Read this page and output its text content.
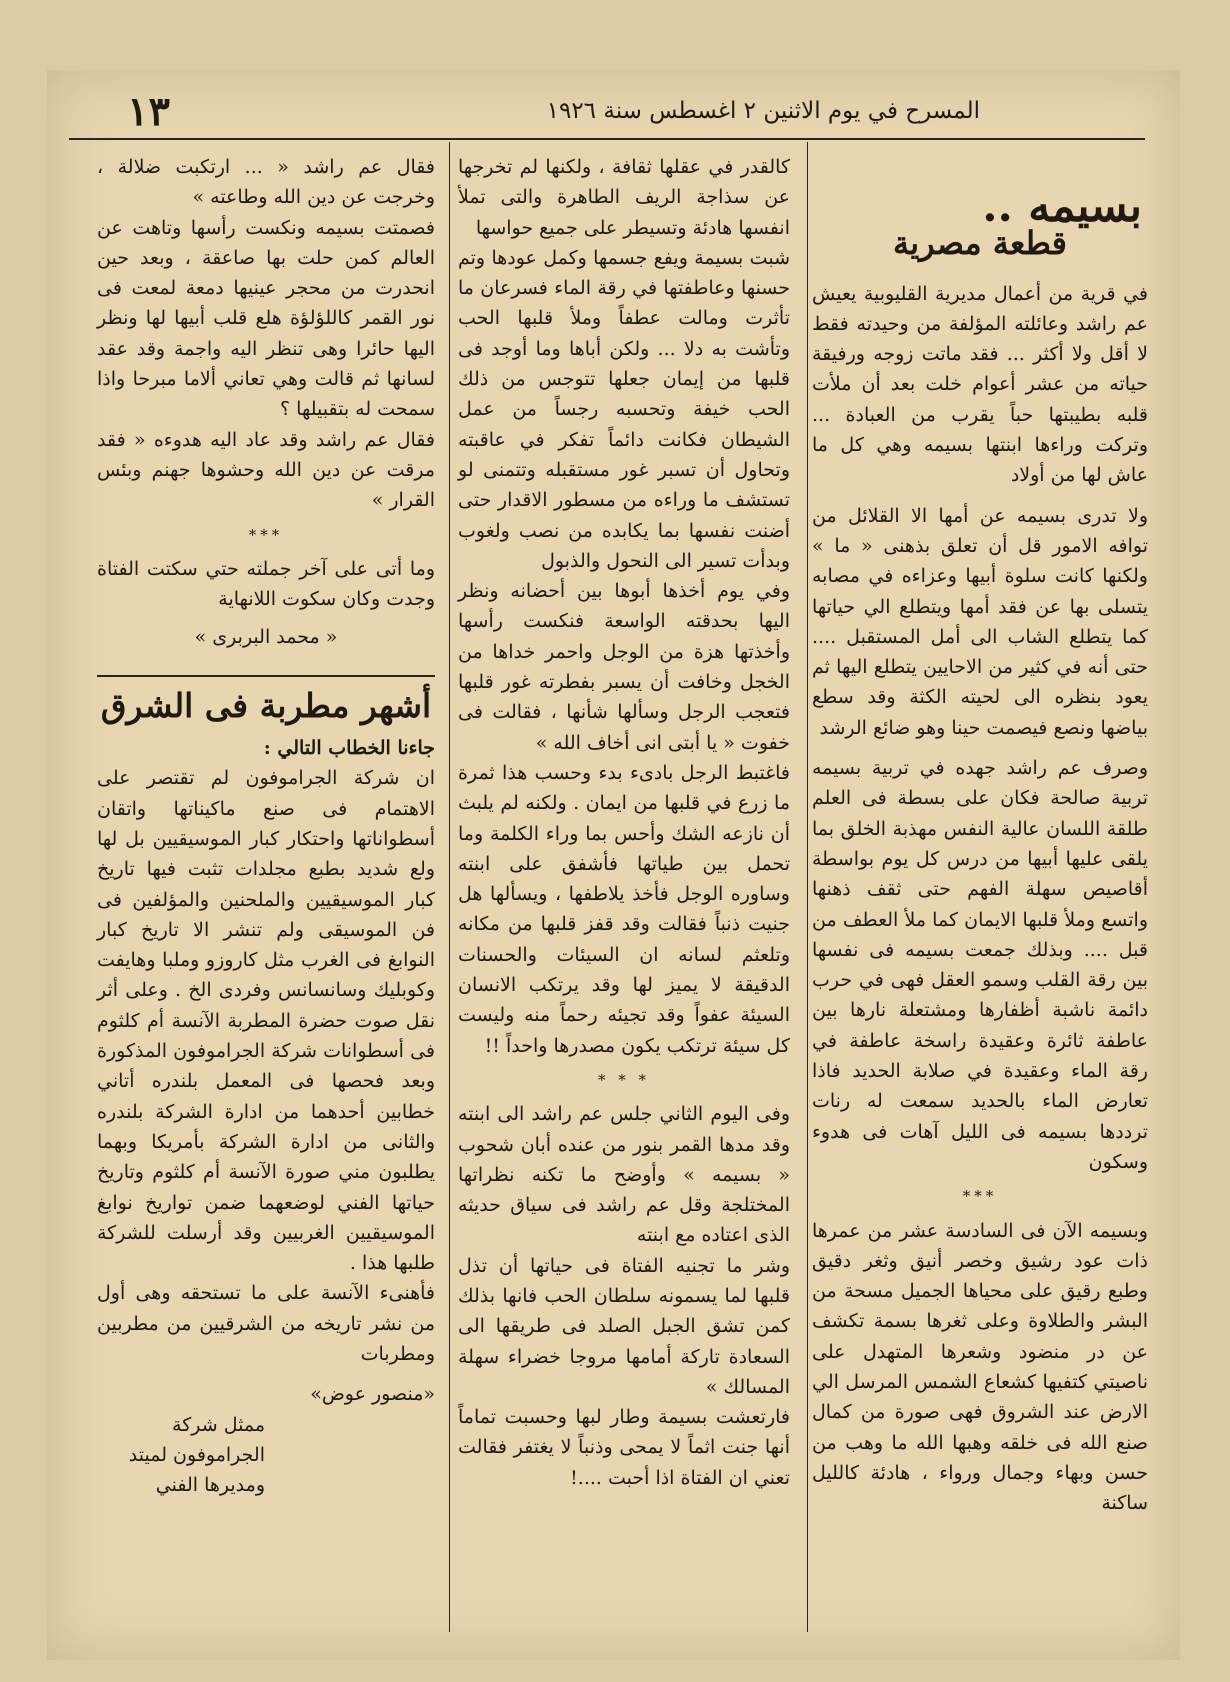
١٣	المسرح في يوم الاثنين ٢ اغسطس سنة ١٩٢٦
بسيمه ..
قطعة مصرية

في قرية من أعمال مديرية القليوبية يعيش عم راشد وعائلته المؤلفة من وحيدته فقط لا أقل ولا أكثر ... فقد ماتت زوجه ورفيقة حياته من عشر أعوام خلت بعد أن ملأت قلبه بطيبتها حباً يقرب من العبادة ... وتركت وراءها ابنتها بسيمه وهي كل ما عاش لها من أولاد

ولا تدرى بسيمه عن أمها الا القلائل من توافه الامور قل أن تعلق بذهنى « ما » ولكنها كانت سلوة أبيها وعزاءه في مصابه يتسلى بها عن فقد أمها ويتطلع الي حياتها كما يتطلع الشاب الى أمل المستقبل .... حتى أنه في كثير من الاحايين يتطلع اليها ثم يعود بنظره الى لحيته الكثة وقد سطع بياضها ونصع فيصمت حينا وهو ضائع الرشد

وصرف عم راشد جهده في تربية بسيمه تربية صالحة فكان على بسطة فى العلم طلقة اللسان عالية النفس مهذبة الخلق بما يلقى عليها أبيها من درس كل يوم بواسطة أقاصيص سهلة الفهم حتى ثقف ذهنها واتسع وملأ قلبها الايمان كما ملأ العطف من قبل .... وبذلك جمعت بسيمه فى نفسها بين رقة القلب وسمو العقل فهى في حرب دائمة ناشبة أظفارها ومشتعلة نارها بين عاطفة ثائرة وعقيدة راسخة عاطفة في رقة الماء وعقيدة في صلابة الحديد فاذا تعارض الماء بالحديد سمعت له رنات ترددها بسيمه فى الليل آهات فى هدوء وسكون

***

وبسيمه الآن فى السادسة عشر من عمرها ذات عود رشيق وخصر أنيق وثغر دقيق وطبع رقيق على محياها الجميل مسحة من البشر والطلاوة وعلى ثغرها بسمة تكشف عن در منضود وشعرها المتهدل على ناصيتي كتفيها كشعاع الشمس المرسل الي الارض عند الشروق فهى صورة من كمال صنع الله فى خلقه وهبها الله ما وهب من حسن وبهاء وجمال ورواء ، هادئة كالليل ساكنة

كالقدر في عقلها ثقافة ، ولكنها لم تخرجها عن سذاجة الريف الطاهرة والتى تملأ انفسها هادئة وتسيطر على جميع حواسها

شبت بسيمة ويفع جسمها وكمل عودها وتم حسنها وعاطفتها في رقة الماء فسرعان ما تأثرت ومالت عطفاً وملأ قلبها الحب وتأشت به دلا ... ولكن أباها وما أوجد فى قلبها من إيمان جعلها تتوجس من ذلك الحب خيفة وتحسبه رجساً من عمل الشيطان فكانت دائماً تفكر في عاقبته وتحاول أن تسبر غور مستقبله وتتمنى لو تستشف ما وراءه من مسطور الاقدار حتى أضنت نفسها بما يكابده من نصب ولغوب وبدأت تسير الى النحول والذبول

وفي يوم أخذها أبوها بين أحضانه ونظر اليها بحدقته الواسعة فنكست رأسها وأخذتها هزة من الوجل واحمر خداها من الخجل وخافت أن يسبر بفطرته غور قلبها فتعجب الرجل وسألها شأنها ، فقالت فى خفوت « يا أبتى انى أخاف الله »

فاغتبط الرجل بادىء بدء وحسب هذا ثمرة ما زرع في قلبها من ايمان . ولكنه لم يلبث أن نازعه الشك وأحس بما وراء الكلمة وما تحمل بين طياتها فأشفق على ابنته وساوره الوجل فأخذ يلاطفها ، ويسألها هل جنيت ذنباً فقالت وقد قفز قلبها من مكانه وتلعثم لسانه ان السيئات والحسنات الدقيقة لا يميز لها وقد يرتكب الانسان السيئة عفواً وقد تجيئه رحماً منه وليست كل سيئة ترتكب يكون مصدرها واحداً !!

* * *

وفى اليوم الثاني جلس عم راشد الى ابنته وقد مدها القمر بنور من عنده أبان شحوب « بسيمه » وأوضح ما تكنه نظراتها المختلجة وقل عم راشد فى سياق حديثه الذى اعتاده مع ابنته

وشر ما تجنيه الفتاة فى حياتها أن تذل قلبها لما يسمونه سلطان الحب فانها بذلك كمن تشق الجبل الصلد فى طريقها الى السعادة تاركة أمامها مروجا خضراء سهلة المسالك »

فارتعشت بسيمة وطار لبها وحسبت تماماً أنها جنت اثماً لا يمحى وذنباً لا يغتفر فقالت تعني ان الفتاة اذا أحبت ....!

فقال عم راشد « ... ارتكبت ضلالة ، وخرجت عن دين الله وطاعته »

فصمتت بسيمه ونكست رأسها وتاهت عن العالم كمن حلت بها صاعقة ، وبعد حين انحدرت من محجر عينيها دمعة لمعت فى نور القمر كاللؤلؤة هلع قلب أبيها لها ونظر اليها حائرا وهى تنظر اليه واجمة وقد عقد لسانها ثم قالت وهي تعاني ألاما مبرحا واذا سمحت له بتقبيلها ؟

فقال عم راشد وقد عاد اليه هدوءه « فقد مرقت عن دين الله وحشوها جهنم وبئس القرار »

***

وما أتى على آخر جملته حتي سكتت الفتاة وجدت وكان سكوت اللانهاية

« محمد البربرى »
أشهر مطربة فى الشرق

جاءنا الخطاب التالي :

ان شركة الجراموفون لم تقتصر على الاهتمام فى صنع ماكيناتها واتقان أسطواناتها واحتكار كبار الموسيقيين بل لها ولع شديد بطبع مجلدات تثبت فيها تاريخ كبار الموسيقيين والملحنين والمؤلفين فى فن الموسيقى ولم تنشر الا تاريخ كبار النوابغ فى الغرب مثل كاروزو وملبا وهايفت وكوبليك وسانسانس وفردى الخ . وعلى أثر نقل صوت حضرة المطربة الآنسة أم كلثوم فى أسطوانات شركة الجراموفون المذكورة وبعد فحصها فى المعمل بلندره أتاني خطابين أحدهما من ادارة الشركة بلندره والثانى من ادارة الشركة بأمريكا وبهما يطلبون مني صورة الآنسة أم كلثوم وتاريخ حياتها الفني لوضعهما ضمن تواريخ نوابغ الموسيقيين الغربيين وقد أرسلت للشركة طلبها هذا .

فأهنىء الآنسة على ما تستحقه وهى أول من نشر تاريخه من الشرقيين من مطربين ومطربات

«منصور عوض»

ممثل شركة الجراموفون لميتد

ومديرها الفني
